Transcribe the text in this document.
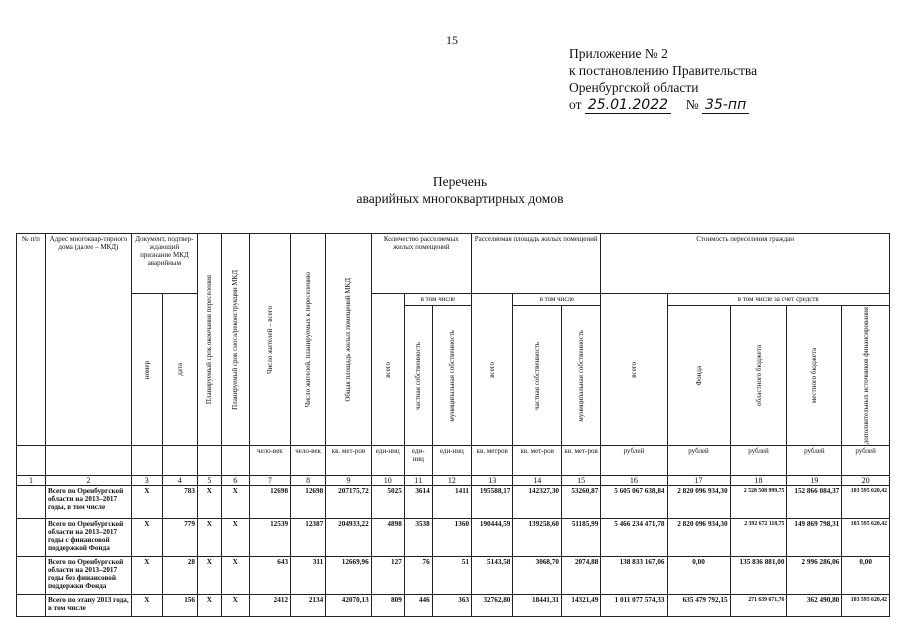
15
Приложение № 2
к постановлению Правительства
Оренбургской области
от 25.01.2022 № 35-пп
Перечень
аварийных многоквартирных домов
№ п/п	Адрес многоквар-тирного дома (далее – МКД)	Документ, подтвер-ждающий признание МКД аварийным		Планируемый срок окончания переселения	Планируемый срок сноса/реконструкции МКД	Число жителей – всего	Число жителей, планируемых к переселению	Общая площадь жилых помещений МКД	Количество расселяемых жилых помещений			Расселяемая площадь жилых помещений			Стоимость переселения граждан				

		номер	дата						всего	в том числе		всего	в том числе		всего	в том числе за счет средств			

										частная собственность	муниципальная собственность		частная собственность	муниципальная собственность		Фонда	областного бюджета	местного бюджета	дополнительных источников финансирования

						чело-век	чело-век	кв. мет-ров	еди-ниц	еди-ниц	еди-ниц	кв. метров	кв. мет-ров	кв. мет-ров	рублей	рублей	рублей	рублей	рублей
1	2	3	4	5	6	7	8	9	10	11	12	13	14	15	16	17	18	19	20
	Всего по Оренбургской области на 2013–2017 годы, в том числе	X	783	X	X	12698	12698	207175,72	5025	3614	1411	195588,17	142327,30	53260,87	5 605 067 638,84	2 820 096 934,30	2 528 508 999,75	152 866 084,37	103 595 620,42
	Всего по Оренбургской области на 2013–2017 годы с финансовой поддержкой Фонда	X	779	X	X	12539	12387	204933,22	4898	3538	1360	190444,59	139258,60	51185,99	5 466 234 471,78	2 820 096 934,30	2 392 672 118,75	149 869 798,31	103 595 620,42
	Всего по Оренбургской области на 2013–2017 годы без финансовой поддержки Фонда	X	28	X	X	643	311	12669,96	127	76	51	5143,58	3068,70	2074,88	138 833 167,06	0,00	135 836 881,00	2 996 286,06	0,00
	Всего по этапу 2013 года, в том числе	X	156	X	X	2412	2134	42070,13	809	446	363	32762,80	18441,31	14321,49	1 011 077 574,33	635 479 792,15	271 639 671,76	362 490,80	103 595 620,42
